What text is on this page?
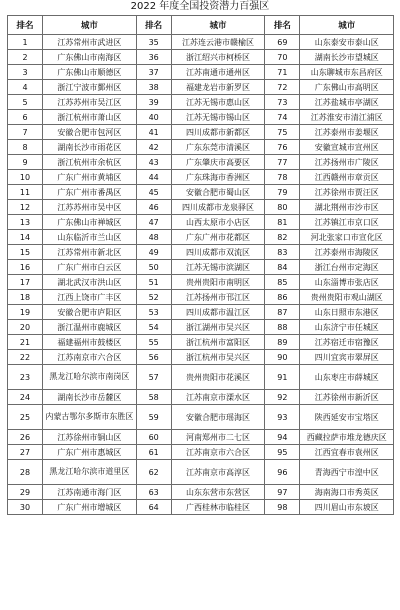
2022 年度全国投资潜力百强区
排名	城市	排名	城市	排名	城市
1	江苏常州市武进区	35	江苏连云港市赣榆区	69	山东泰安市泰山区
2	广东佛山市南海区	36	浙江绍兴市柯桥区	70	湖南长沙市望城区
3	广东佛山市顺德区	37	江苏南通市通州区	71	山东聊城市东昌府区
4	浙江宁波市鄞州区	38	福建龙岩市新罗区	72	广东佛山市高明区
5	江苏苏州市吴江区	39	江苏无锡市惠山区	73	江苏盐城市亭湖区
6	浙江杭州市萧山区	40	江苏无锡市锡山区	74	江苏淮安市清江浦区
7	安徽合肥市包河区	41	四川成都市新都区	75	江苏泰州市姜堰区
8	湖南长沙市雨花区	42	广东东莞市清溪区	76	安徽宣城市宣州区
9	浙江杭州市余杭区	43	广东肇庆市高要区	77	江苏扬州市广陵区
10	广东广州市黄埔区	44	广东珠海市香洲区	78	江西赣州市章贡区
11	广东广州市番禺区	45	安徽合肥市蜀山区	79	江苏徐州市贾汪区
12	江苏苏州市吴中区	46	四川成都市龙泉驿区	80	湖北荆州市沙市区
13	广东佛山市禅城区	47	山西太原市小店区	81	江苏镇江市京口区
14	山东临沂市兰山区	48	广东广州市花都区	82	河北张家口市宣化区
15	江苏常州市新北区	49	四川成都市双流区	83	江苏泰州市海陵区
16	广东广州市白云区	50	江苏无锡市滨湖区	84	浙江台州市定海区
17	湖北武汉市洪山区	51	贵州贵阳市南明区	85	山东淄博市张店区
18	江西上饶市广丰区	52	江苏扬州市邗江区	86	贵州贵阳市观山湖区
19	安徽合肥市庐阳区	53	四川成都市温江区	87	山东日照市东港区
20	浙江温州市鹿城区	54	浙江湖州市吴兴区	88	山东济宁市任城区
21	福建福州市鼓楼区	55	浙江杭州市富阳区	89	江苏宿迁市宿豫区
22	江苏南京市六合区	56	浙江杭州市吴兴区	90	四川宜宾市翠屏区
23	黑龙江哈尔滨市南岗区	57	贵州贵阳市花溪区	91	山东枣庄市薛城区
24	湖南长沙市岳麓区	58	江苏南京市溧水区	92	江苏徐州市新沂区
25	内蒙古鄂尔多斯市东胜区	59	安徽合肥市瑶海区	93	陕西延安市宝塔区
26	江苏徐州市铜山区	60	河南郑州市二七区	94	西藏拉萨市堆龙德庆区
27	广东广州市惠城区	61	江苏南京市六合区	95	江西宜春市袁州区
28	黑龙江哈尔滨市道里区	62	江苏南京市高淳区	96	青海西宁市湟中区
29	江苏南通市海门区	63	山东东营市东营区	97	海南海口市秀英区
30	广东广州市增城区	64	广西桂林市临桂区	98	四川眉山市东坡区
